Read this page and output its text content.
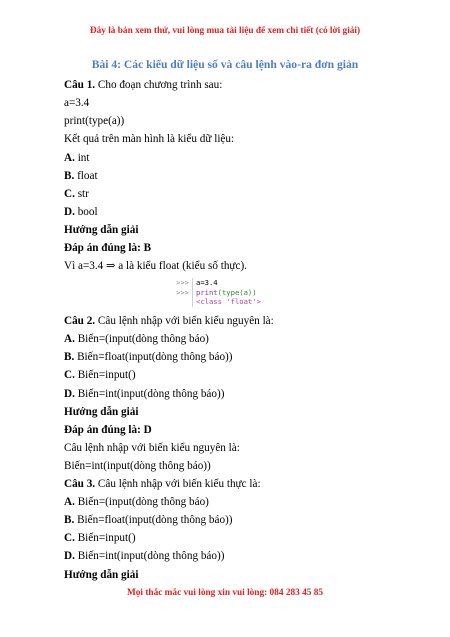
Đây là bản xem thử, vui lòng mua tài liệu để xem chi tiết (có lời giải)
Bài 4: Các kiểu dữ liệu số và câu lệnh vào-ra đơn giản
Câu 1. Cho đoạn chương trình sau:
a=3.4
print(type(a))
Kết quả trên màn hình là kiểu dữ liệu:
A. int
B. float
C. str
D. bool
Hướng dẫn giải
Đáp án đúng là: B
Vì a=3.4 ⇒ a là kiểu float (kiểu số thực).
>>>
>>>
a=3.4
print(type(a))
<class 'float'>
Câu 2. Câu lệnh nhập với biến kiểu nguyên là:
A. Biến=(input(dòng thông báo)
B. Biến=float(input(dòng thông báo))
C. Biến=input()
D. Biến=int(input(dòng thông báo))
Hướng dẫn giải
Đáp án đúng là: D
Câu lệnh nhập với biến kiểu nguyên là:
Biến=int(input(dòng thông báo))
Câu 3. Câu lệnh nhập với biến kiểu thực là:
A. Biến=(input(dòng thông báo)
B. Biến=float(input(dòng thông báo))
C. Biến=input()
D. Biến=int(input(dòng thông báo))
Hướng dẫn giải
Mọi thắc mắc vui lòng xin vui lòng: 084 283 45 85
